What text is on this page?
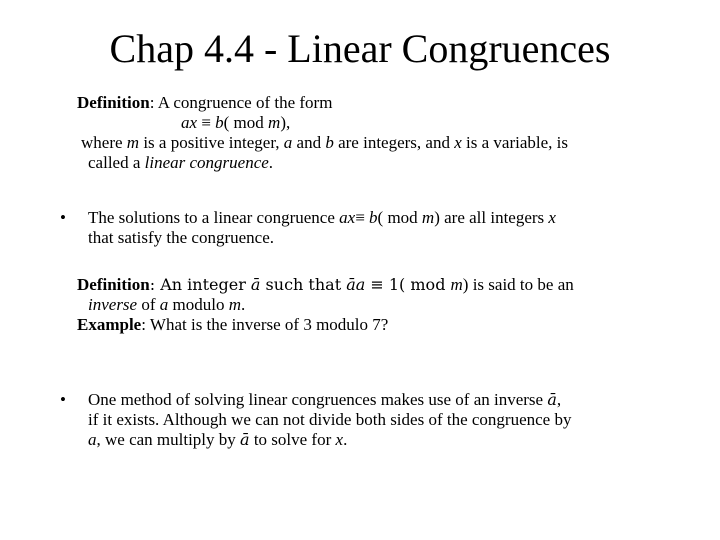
Chap 4.4 - Linear Congruences
Definition: A congruence of the form
ax ≡ b( mod m),
where m is a positive integer, a and b are integers, and x is a variable, is
called a linear congruence.
• The solutions to a linear congruence ax≡ b( mod m) are all integers x
that satisfy the congruence.
Definition: An integer ā such that āa ≡ 1( mod m) is said to be an
inverse of a modulo m.
Example: What is the inverse of 3 modulo 7?
• One method of solving linear congruences makes use of an inverse ā,
if it exists. Although we can not divide both sides of the congruence by
a, we can multiply by ā to solve for x.
